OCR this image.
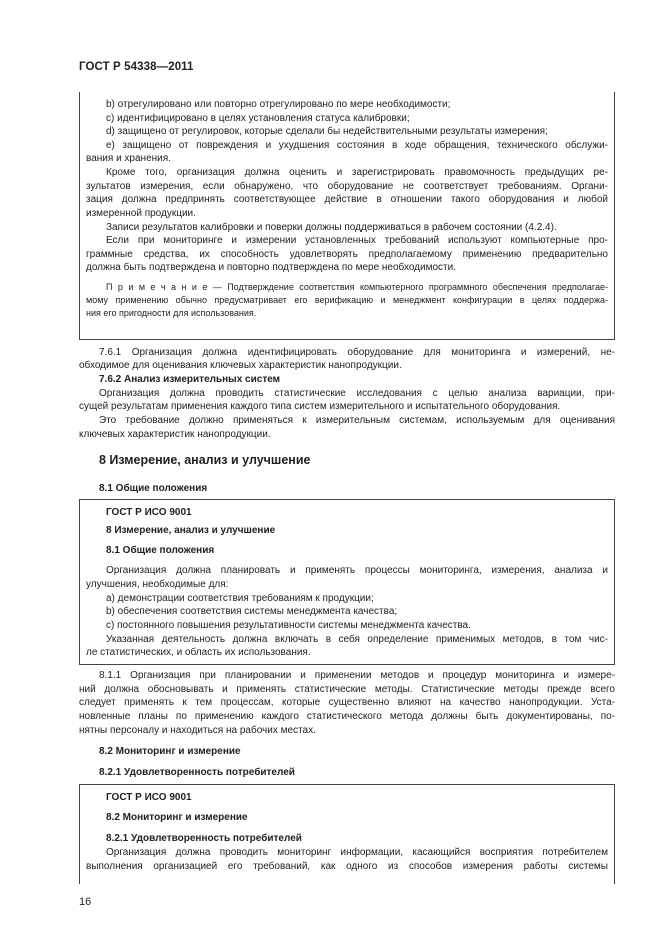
ГОСТ Р 54338—2011
b) отрегулировано или повторно отрегулировано по мере необходимости;
c) идентифицировано в целях установления статуса калибровки;
d) защищено от регулировок, которые сделали бы недействительными результаты измерения;
e) защищено от повреждения и ухудшения состояния в ходе обращения, технического обслужи-
вания и хранения.
Кроме того, организация должна оценить и зарегистрировать правомочность предыдущих ре-
зультатов измерения, если обнаружено, что оборудование не соответствует требованиям. Органи-
зация должна предпринять соответствующее действие в отношении такого оборудования и любой
измеренной продукции.
Записи результатов калибровки и поверки должны поддерживаться в рабочем состоянии (4.2.4).
Если при мониторинге и измерении установленных требований используют компьютерные про-
граммные средства, их способность удовлетворять предполагаемому применению предварительно
должна быть подтверждена и повторно подтверждена по мере необходимости.
П р и м е ч а н и е — Подтверждение соответствия компьютерного программного обеспечения предполагае-
мому применению обычно предусматривает его верификацию и менеджмент конфигурации в целях поддержа-
ния его пригодности для использования.
7.6.1 Организация должна идентифицировать оборудование для мониторинга и измерений, не-
обходимое для оценивания ключевых характеристик нанопродукции.
7.6.2 Анализ измерительных систем
Организация должна проводить статистические исследования с целью анализа вариации, при-
сущей результатам применения каждого типа систем измерительного и испытательного оборудования.
Это требование должно применяться к измерительным системам, используемым для оценивания
ключевых характеристик нанопродукции.
8 Измерение, анализ и улучшение
8.1 Общие положения
ГОСТ Р ИСО 9001
8 Измерение, анализ и улучшение
8.1 Общие положения
Организация должна планировать и применять процессы мониторинга, измерения, анализа и
улучшения, необходимые для:
a) демонстрации соответствия требованиям к продукции;
b) обеспечения соответствия системы менеджмента качества;
c) постоянного повышения результативности системы менеджмента качества.
Указанная деятельность должна включать в себя определение применимых методов, в том чис-
ле статистических, и область их использования.
8.1.1 Организация при планировании и применении методов и процедур мониторинга и измере-
ний должна обосновывать и применять статистические методы. Статистические методы прежде всего
следует применять к тем процессам, которые существенно влияют на качество нанопродукции. Уста-
новленные планы по применению каждого статистического метода должны быть документированы, по-
нятны персоналу и находиться на рабочих местах.
8.2 Мониторинг и измерение
8.2.1 Удовлетворенность потребителей
ГОСТ Р ИСО 9001
8.2 Мониторинг и измерение
8.2.1 Удовлетворенность потребителей
Организация должна проводить мониторинг информации, касающийся восприятия потребителем
выполнения организацией его требований, как одного из способов измерения работы системы
16
